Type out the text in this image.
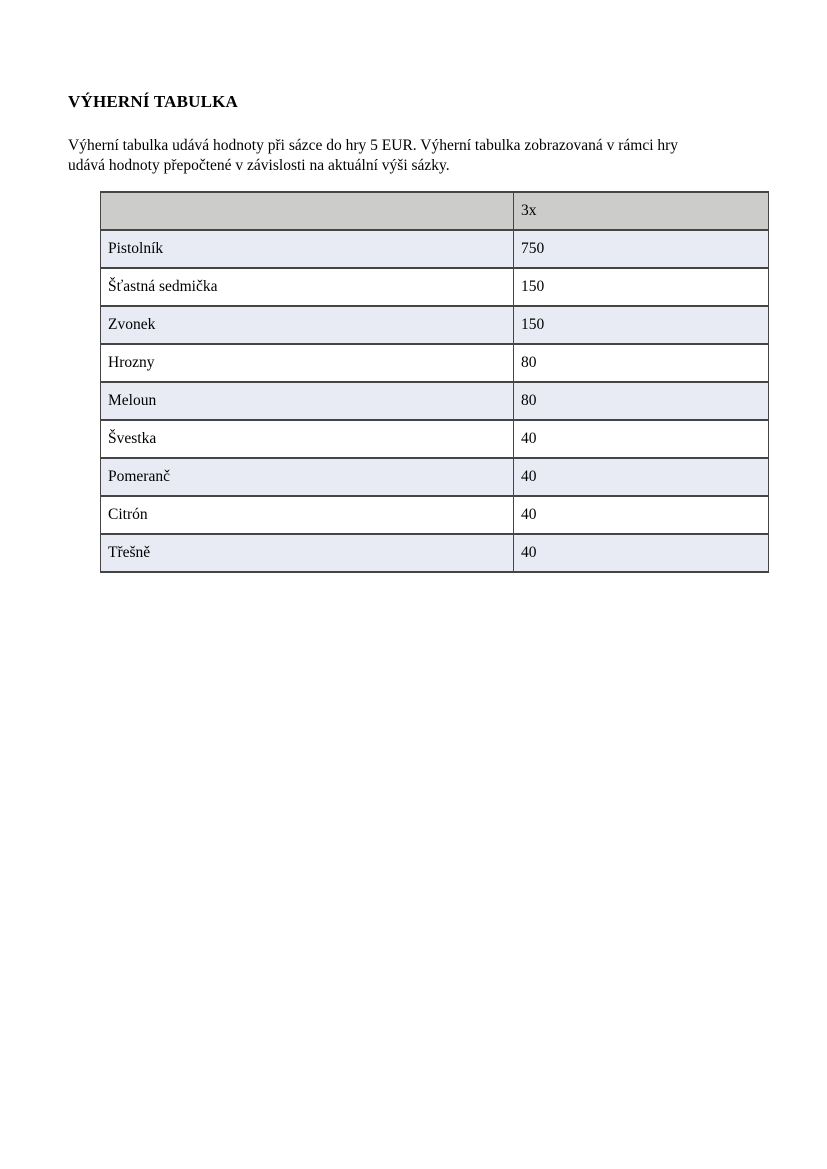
VÝHERNÍ TABULKA
Výherní tabulka udává hodnoty při sázce do hry 5 EUR. Výherní tabulka zobrazovaná v rámci hry
udává hodnoty přepočtené v závislosti na aktuální výši sázky.
	3x
Pistolník	750
Šťastná sedmička	150
Zvonek	150
Hrozny	80
Meloun	80
Švestka	40
Pomeranč	40
Citrón	40
Třešně	40
